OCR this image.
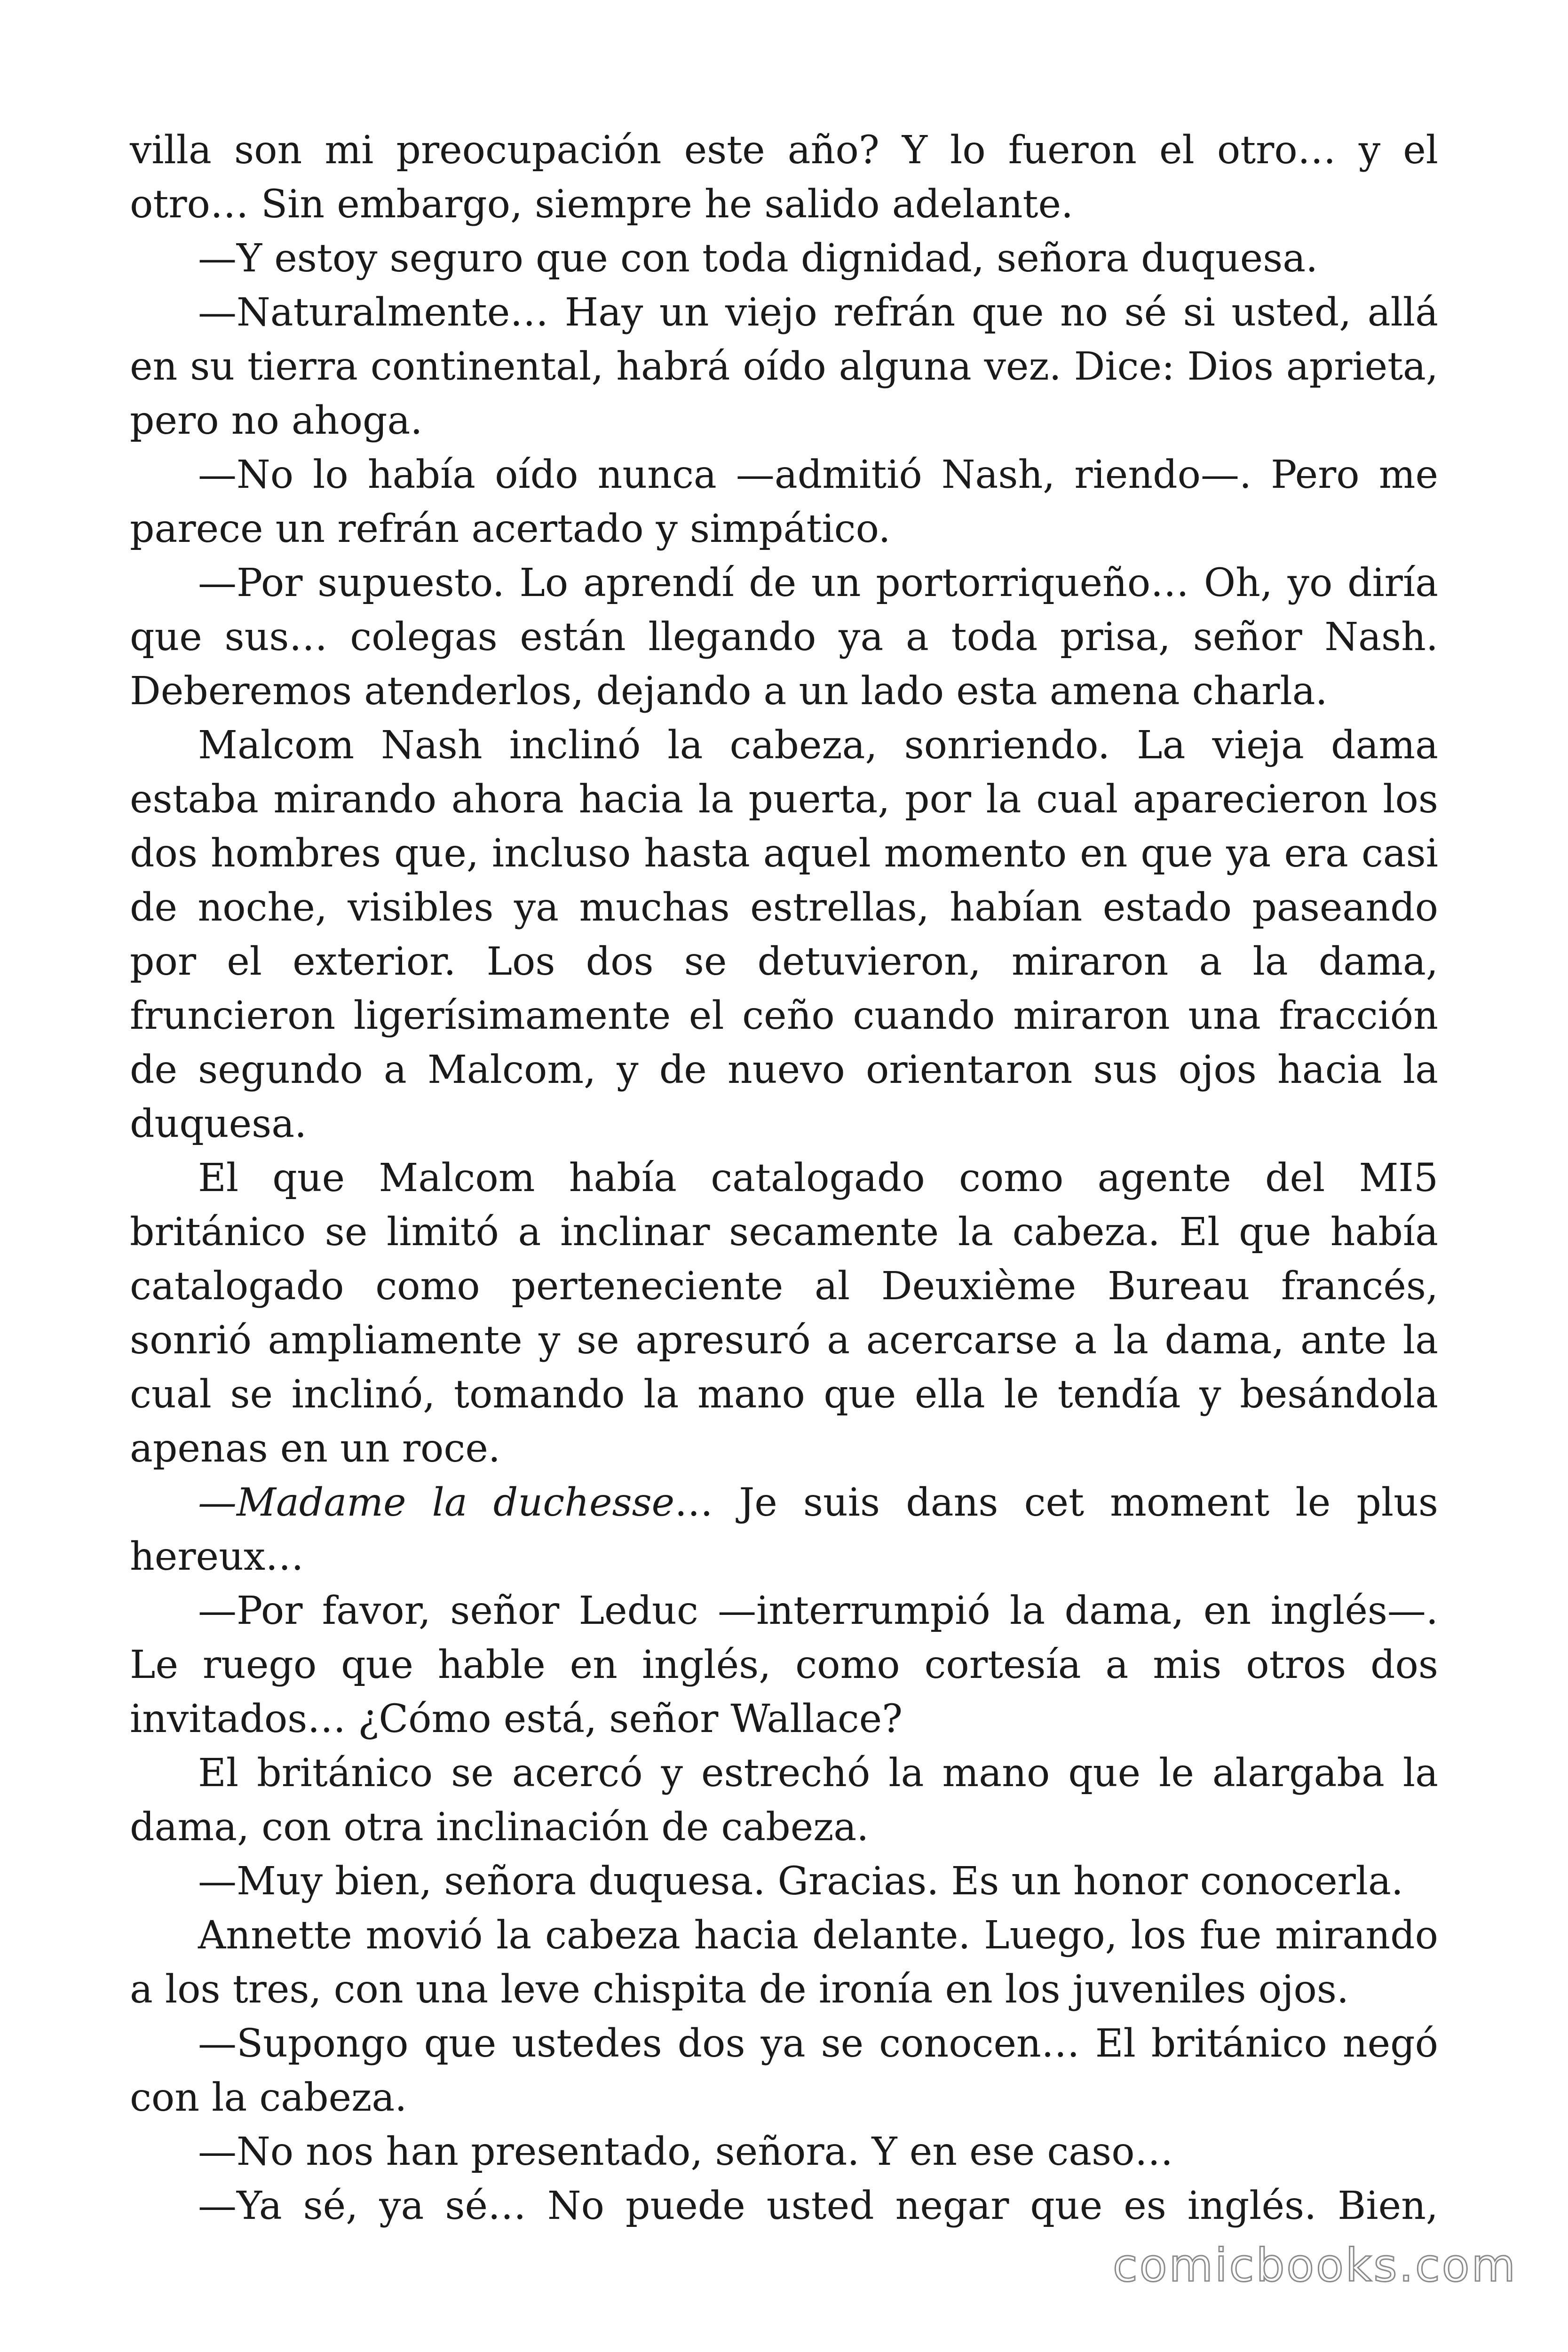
villa son mi preocupación este año? Y lo fueron el otro… y el otro… Sin embargo, siempre he salido adelante.

—Y estoy seguro que con toda dignidad, señora duquesa.

—Naturalmente… Hay un viejo refrán que no sé si usted, allá en su tierra continental, habrá oído alguna vez. Dice: Dios aprieta, pero no ahoga.

—No lo había oído nunca —admitió Nash, riendo—. Pero me parece un refrán acertado y simpático.

—Por supuesto. Lo aprendí de un portorriqueño… Oh, yo diría que sus… colegas están llegando ya a toda prisa, señor Nash. Deberemos atenderlos, dejando a un lado esta amena charla.

Malcom Nash inclinó la cabeza, sonriendo. La vieja dama estaba mirando ahora hacia la puerta, por la cual aparecieron los dos hombres que, incluso hasta aquel momento en que ya era casi de noche, visibles ya muchas estrellas, habían estado paseando por el exterior. Los dos se detuvieron, miraron a la dama, fruncieron ligerísimamente el ceño cuando miraron una fracción de segundo a Malcom, y de nuevo orientaron sus ojos hacia la duquesa.

El que Malcom había catalogado como agente del MI5 británico se limitó a inclinar secamente la cabeza. El que había catalogado como perteneciente al Deuxième Bureau francés, sonrió ampliamente y se apresuró a acercarse a la dama, ante la cual se inclinó, tomando la mano que ella le tendía y besándola apenas en un roce.

—Madame la duchesse… Je suis dans cet moment le plus hereux…

—Por favor, señor Leduc —interrumpió la dama, en inglés—. Le ruego que hable en inglés, como cortesía a mis otros dos invitados… ¿Cómo está, señor Wallace?

El británico se acercó y estrechó la mano que le alargaba la dama, con otra inclinación de cabeza.

—Muy bien, señora duquesa. Gracias. Es un honor conocerla.

Annette movió la cabeza hacia delante. Luego, los fue mirando a los tres, con una leve chispita de ironía en los juveniles ojos.

—Supongo que ustedes dos ya se conocen… El británico negó con la cabeza.

—No nos han presentado, señora. Y en ese caso…

—Ya sé, ya sé… No puede usted negar que es inglés. Bien,

comicbooks.com
